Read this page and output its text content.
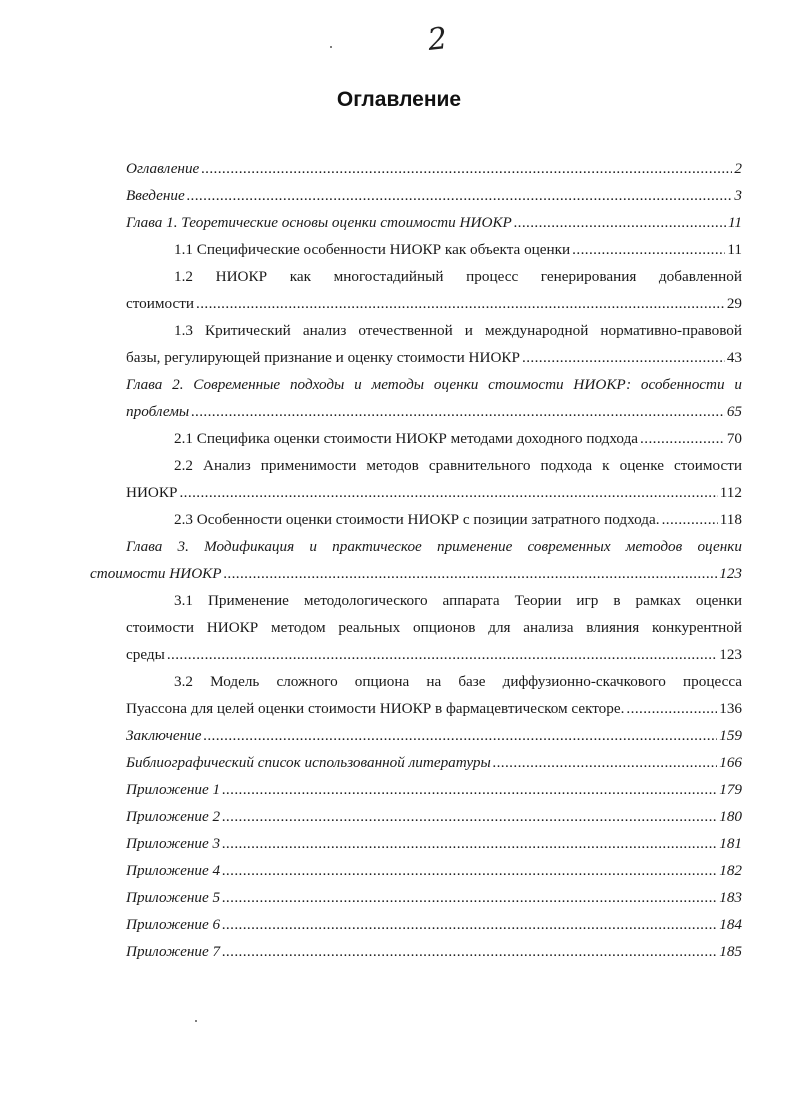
2
Оглавление
Оглавление .....	2
Введение .....	3
Глава 1. Теоретические основы оценки стоимости НИОКР .....	11
1.1 Специфические особенности НИОКР как объекта оценки .....	11
1.2 НИОКР как многостадийный процесс генерирования добавленной
стоимости .....	29
1.3 Критический анализ отечественной и международной нормативно-правовой
базы, регулирующей признание и оценку стоимости НИОКР .....	43
Глава 2. Современные подходы и методы оценки стоимости НИОКР: особенности и
проблемы .....	65
2.1 Специфика оценки стоимости НИОКР методами доходного подхода .....	70
2.2 Анализ применимости методов сравнительного подхода к оценке стоимости
НИОКР .....	112
2.3 Особенности оценки стоимости НИОКР с позиции затратного подхода. .....	118
Глава 3. Модификация и практическое применение современных методов оценки
стоимости НИОКР .....	123
3.1 Применение методологического аппарата Теории игр в рамках оценки
стоимости НИОКР методом реальных опционов для анализа влияния конкурентной
среды .....	123
3.2 Модель сложного опциона на базе диффузионно-скачкового процесса
Пуассона для целей оценки стоимости НИОКР в фармацевтическом секторе. .....	136
Заключение .....	159
Библиографический список использованной литературы .....	166
Приложение 1 .....	179
Приложение 2 .....	180
Приложение 3 .....	181
Приложение 4 .....	182
Приложение 5 .....	183
Приложение 6 .....	184
Приложение 7 .....	185
